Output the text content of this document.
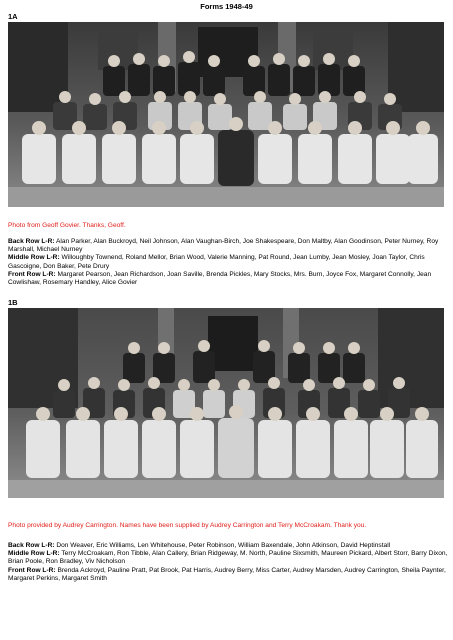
Forms 1948-49
1A
Photo from Geoff Govier. Thanks, Geoff.

Back Row L-R: Alan Parker, Alan Buckroyd, Neil Johnson, Alan Vaughan-Birch, Joe Shakespeare, Don Maltby, Alan Goodinson, Peter Nurney, Roy Marshall, Michael Nurney

Middle Row L-R: Willoughby Townend, Roland Mellor, Brian Wood, Valerie Manning, Pat Round, Jean Lumby, Jean Mosley, Joan Taylor, Chris Gascoigne, Don Baker, Pete Drury

Front Row L-R: Margaret Pearson, Jean Richardson, Joan Saville, Brenda Pickles, Mary Stocks, Mrs. Burn, Joyce Fox, Margaret Connolly, Jean Cowlishaw, Rosemary Handley, Alice Govier

1B
Photo provided by Audrey Carrington. Names have been supplied by Audrey Carrington and Terry McCroakam. Thank you.

Back Row L-R: Don Weaver, Eric Williams, Len Whitehouse, Peter Robinson, William Baxendale, John Atkinson, David Heptinstall

Middle Row L-R: Terry McCroakam, Ron Tibble, Alan Callery, Brian Ridgeway, M. North, Pauline Sixsmith, Maureen Pickard, Albert Storr, Barry Dixon, Brian Poole, Ron Bradley, Viv Nicholson

Front Row L-R: Brenda Ackroyd, Pauline Pratt, Pat Brook, Pat Harris, Audrey Berry, Miss Carter, Audrey Marsden, Audrey Carrington, Sheila Paynter, Margaret Perkins, Margaret Smith
